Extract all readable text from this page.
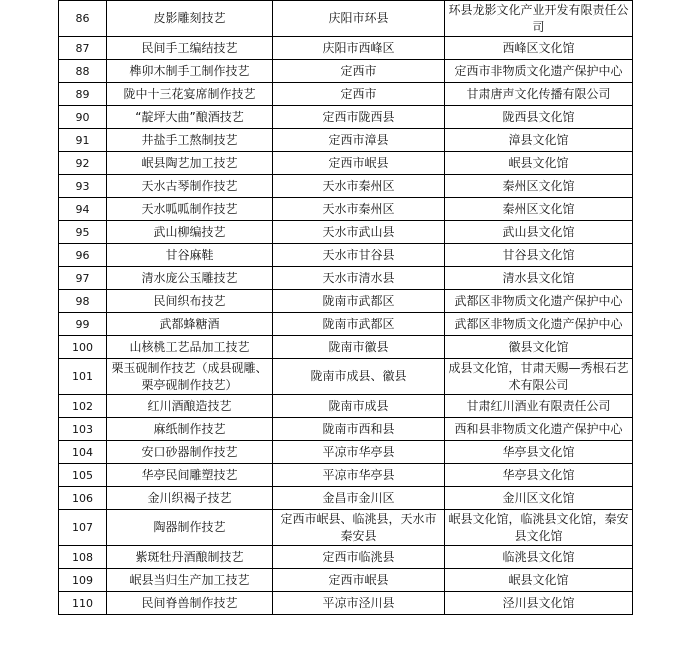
86	皮影雕刻技艺	庆阳市环县	环县龙影文化产业开发有限责任公司
87	民间手工编结技艺	庆阳市西峰区	西峰区文化馆
88	榫卯木制手工制作技艺	定西市	定西市非物质文化遗产保护中心
89	陇中十三花宴席制作技艺	定西市	甘肃唐声文化传播有限公司
90	“靛坪大曲”酿酒技艺	定西市陇西县	陇西县文化馆
91	井盐手工熬制技艺	定西市漳县	漳县文化馆
92	岷县陶艺加工技艺	定西市岷县	岷县文化馆
93	天水古琴制作技艺	天水市秦州区	秦州区文化馆
94	天水呱呱制作技艺	天水市秦州区	秦州区文化馆
95	武山柳编技艺	天水市武山县	武山县文化馆
96	甘谷麻鞋	天水市甘谷县	甘谷县文化馆
97	清水庞公玉雕技艺	天水市清水县	清水县文化馆
98	民间织布技艺	陇南市武都区	武都区非物质文化遗产保护中心
99	武都蜂糖酒	陇南市武都区	武都区非物质文化遗产保护中心
100	山核桃工艺品加工技艺	陇南市徽县	徽县文化馆
101	栗玉砚制作技艺（成县砚雕、栗亭砚制作技艺）	陇南市成县、徽县	成县文化馆，甘肃天赐—秀根石艺术有限公司
102	红川酒酿造技艺	陇南市成县	甘肃红川酒业有限责任公司
103	麻纸制作技艺	陇南市西和县	西和县非物质文化遗产保护中心
104	安口砂器制作技艺	平凉市华亭县	华亭县文化馆
105	华亭民间雕塑技艺	平凉市华亭县	华亭县文化馆
106	金川织褐子技艺	金昌市金川区	金川区文化馆
107	陶器制作技艺	定西市岷县、临洮县，天水市秦安县	岷县文化馆，临洮县文化馆，秦安县文化馆
108	紫斑牡丹酒酿制技艺	定西市临洮县	临洮县文化馆
109	岷县当归生产加工技艺	定西市岷县	岷县文化馆
110	民间脊兽制作技艺	平凉市泾川县	泾川县文化馆
